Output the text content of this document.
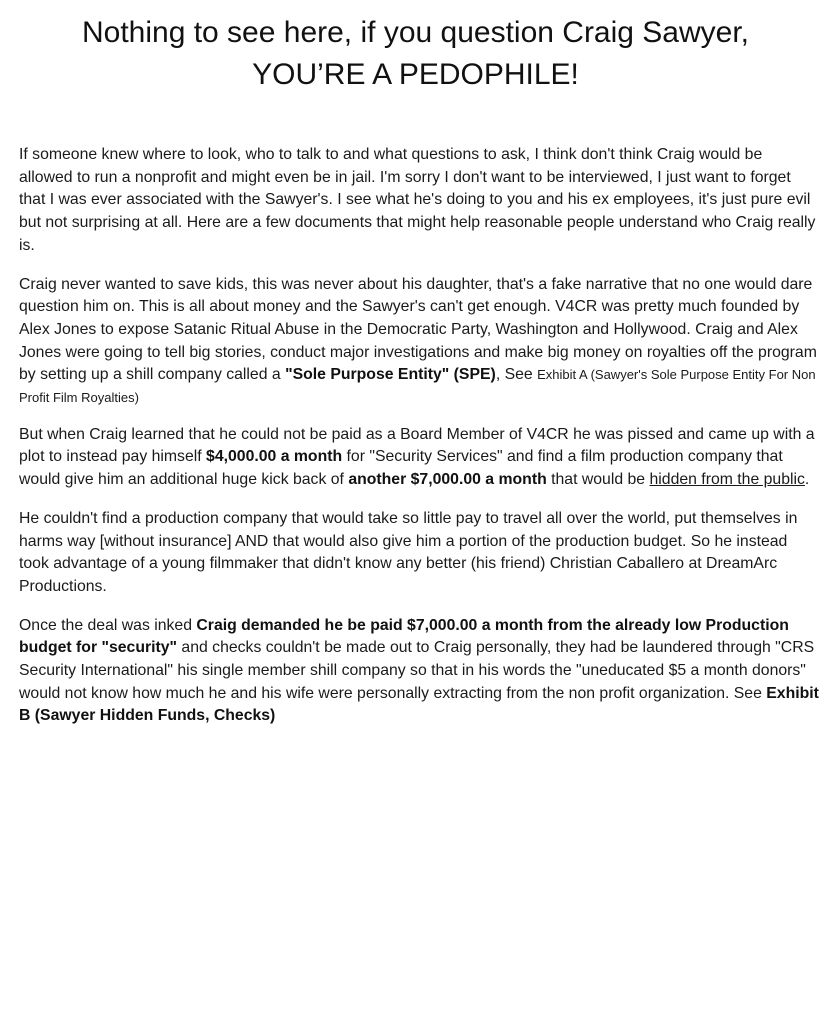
Nothing to see here, if you question Craig Sawyer,
YOU’RE A PEDOPHILE!

If someone knew where to look, who to talk to and what questions to ask, I think don't think Craig would be allowed to run a nonprofit and might even be in jail. I'm sorry I don't want to be interviewed, I just want to forget that I was ever associated with the Sawyer's. I see what he's doing to you and his ex employees, it's just pure evil but not surprising at all. Here are a few documents that might help reasonable people understand who Craig really is.

Craig never wanted to save kids, this was never about his daughter, that's a fake narrative that no one would dare question him on. This is all about money and the Sawyer's can't get enough. V4CR was pretty much founded by Alex Jones to expose Satanic Ritual Abuse in the Democratic Party, Washington and Hollywood. Craig and Alex Jones were going to tell big stories, conduct major investigations and make big money on royalties off the program by setting up a shill company called a "Sole Purpose Entity" (SPE), See Exhibit A (Sawyer's Sole Purpose Entity For Non Profit Film Royalties)

But when Craig learned that he could not be paid as a Board Member of V4CR he was pissed and came up with a plot to instead pay himself $4,000.00 a month for "Security Services" and find a film production company that would give him an additional huge kick back of another $7,000.00 a month that would be hidden from the public.

He couldn't find a production company that would take so little pay to travel all over the world, put themselves in harms way [without insurance] AND that would also give him a portion of the production budget. So he instead took advantage of a young filmmaker that didn't know any better (his friend) Christian Caballero at DreamArc Productions.

Once the deal was inked Craig demanded he be paid $7,000.00 a month from the already low Production budget for "security" and checks couldn't be made out to Craig personally, they had be laundered through "CRS Security International" his single member shill company so that in his words the "uneducated $5 a month donors" would not know how much he and his wife were personally extracting from the non profit organization. See Exhibit B (Sawyer Hidden Funds, Checks)
